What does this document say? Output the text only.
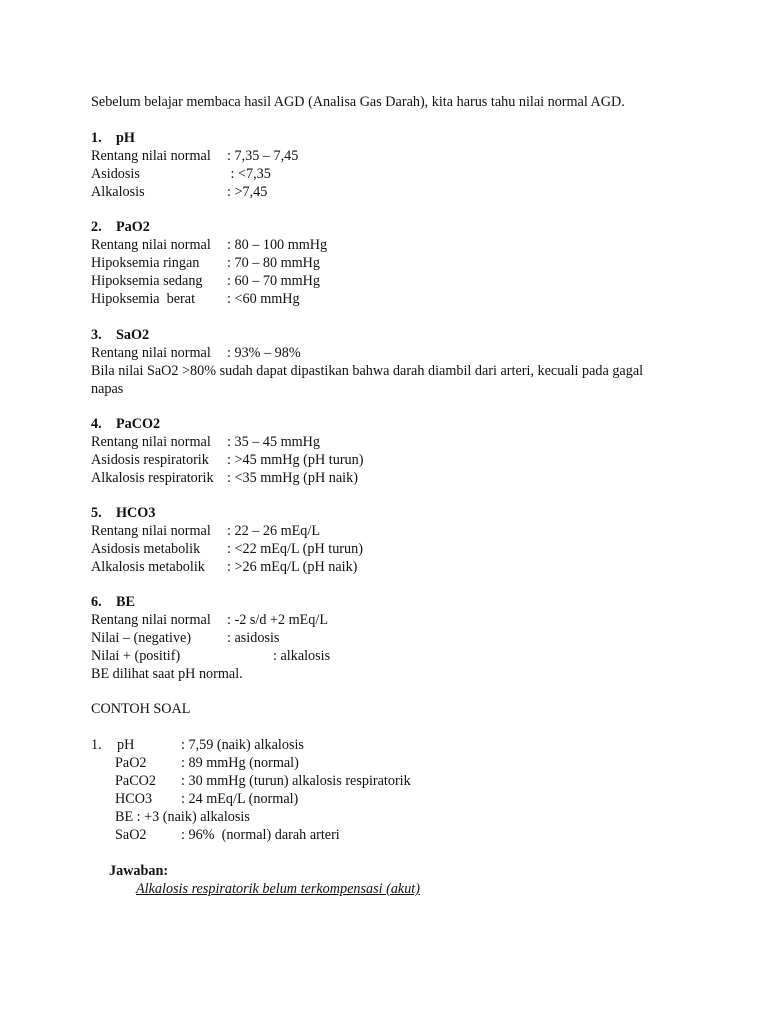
Sebelum belajar membaca hasil AGD (Analisa Gas Darah), kita harus tahu nilai normal AGD.
1. pH
Rentang nilai normal : 7,35 – 7,45
Asidosis	: <7,35
Alkalosis	: >7,45
2. PaO2
Rentang nilai normal : 80 – 100 mmHg
Hipoksemia ringan : 70 – 80 mmHg
Hipoksemia sedang : 60 – 70 mmHg
Hipoksemia  berat : <60 mmHg
3. SaO2
Rentang nilai normal : 93% – 98%
Bila nilai SaO2 >80% sudah dapat dipastikan bahwa darah diambil dari arteri, kecuali pada gagal
napas
4. PaCO2
Rentang nilai normal : 35 – 45 mmHg
Asidosis respiratorik : >45 mmHg (pH turun)
Alkalosis respiratorik : <35 mmHg (pH naik)
5. HCO3
Rentang nilai normal : 22 – 26 mEq/L
Asidosis metabolik : <22 mEq/L (pH turun)
Alkalosis metabolik : >26 mEq/L (pH naik)
6. BE
Rentang nilai normal : -2 s/d +2 mEq/L
Nilai – (negative)	: asidosis
Nilai + (positif)	: alkalosis
BE dilihat saat pH normal.
CONTOH SOAL
1. pH	: 7,59 (naik) alkalosis
PaO2 : 89 mmHg (normal)
PaCO2 : 30 mmHg (turun) alkalosis respiratorik
HCO3 : 24 mEq/L (normal)
BE : +3 (naik) alkalosis
SaO2 : 96%  (normal) darah arteri
Jawaban:
Alkalosis respiratorik belum terkompensasi (akut)
